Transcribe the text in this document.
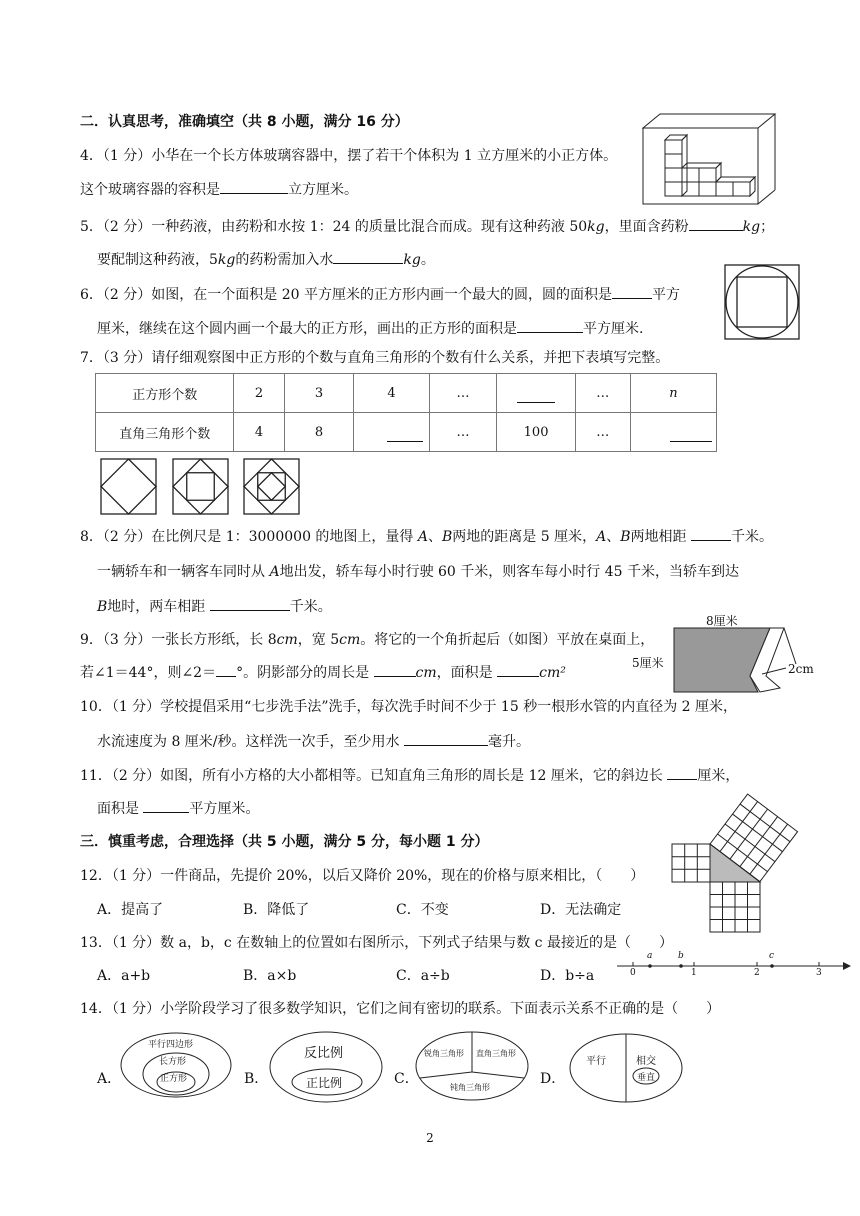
二．认真思考，准确填空（共 8 小题，满分 16 分）
4．（1 分）小华在一个长方体玻璃容器中，摆了若干个体积为 1 立方厘米的小正方体。
这个玻璃容器的容积是	立方厘米。
5．（2 分）一种药液，由药粉和水按 1：24 的质量比混合而成。现有这种药液 50kg，里面含药粉	kg；
要配制这种药液，5kg的药粉需加入水	kg。
6．（2 分）如图，在一个面积是 20 平方厘米的正方形内画一个最大的圆，圆的面积是	平方
厘米，继续在这个圆内画一个最大的正方形，画出的正方形的面积是	平方厘米.
7．（3 分）请仔细观察图中正方形的个数与直角三角形的个数有什么关系，并把下表填写完整。
正方形个数	2	3	4	…		…	n
直角三角形个数	4	8		…	100	…	
8．（2 分）在比例尺是 1：3000000 的地图上，量得 A、B两地的距离是 5 厘米，A、B两地相距	千米。
一辆轿车和一辆客车同时从 A地出发，轿车每小时行驶 60 千米，则客车每小时行 45 千米，当轿车到达
B地时，两车相距	千米。
9．（3 分）一张长方形纸，长 8cm，宽 5cm。将它的一个角折起后（如图）平放在桌面上，
若∠1＝44°，则∠2＝ °。阴影部分的周长是	cm，面积是	cm²
8厘米
5厘米	2cm
10．（1 分）学校提倡采用“七步洗手法”洗手，每次洗手时间不少于 15 秒一根形水管的内直径为 2 厘米，
水流速度为 8 厘米/秒。这样洗一次手，至少用水	毫升。
11．（2 分）如图，所有小方格的大小都相等。已知直角三角形的周长是 12 厘米，它的斜边长 厘米，
面积是	平方厘米。
三．慎重考虑，合理选择（共 5 小题，满分 5 分，每小题 1 分）
12．（1 分）一件商品，先提价 20%，以后又降价 20%，现在的价格与原来相比，（　　）
A．提高了	B．降低了	C．不变	D．无法确定
13．（1 分）数 a，b，c 在数轴上的位置如右图所示，下列式子结果与数 c 最接近的是（　　）
A．a+b	B．a×b	C．a÷b	D．b÷a	0	1	2	3
a	b	c
14．（1 分）小学阶段学习了很多数学知识，它们之间有密切的联系。下面表示关系不正确的是（　　）
A．
平行四边形
长方形
正方形	B．
反比例
正比例	C．
锐角三角形 直角三角形
钝角三角形
D．
平行	相交
垂直
2
